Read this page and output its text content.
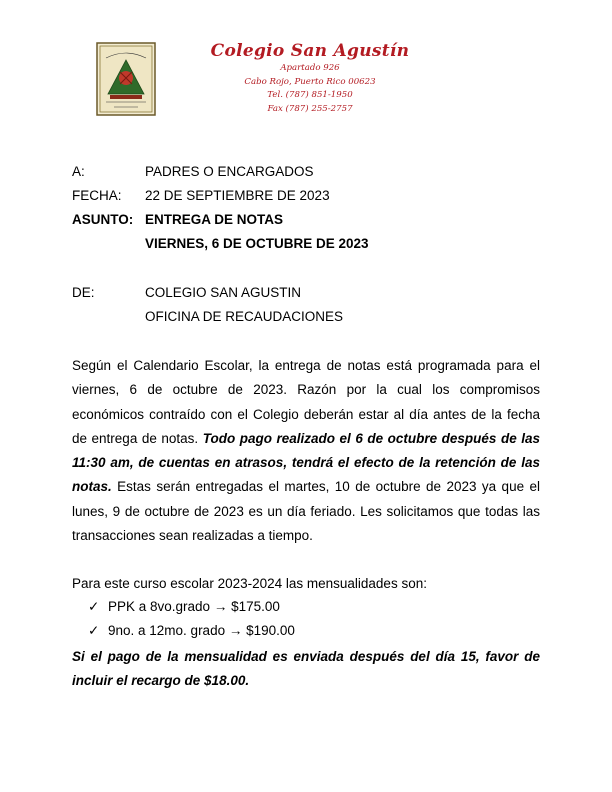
Colegio San Agustín
Apartado 926
Cabo Rojo, Puerto Rico 00623
Tel. (787) 851-1950
Fax (787) 255-2757
A:	PADRES O ENCARGADOS
FECHA: 22 DE SEPTIEMBRE DE 2023
ASUNTO: ENTREGA DE NOTAS
VIERNES, 6 DE OCTUBRE DE 2023
DE:	COLEGIO SAN AGUSTIN
OFICINA DE RECAUDACIONES

Según el Calendario Escolar, la entrega de notas está programada para el viernes, 6 de octubre de 2023. Razón por la cual los compromisos económicos contraído con el Colegio deberán estar al día antes de la fecha de entrega de notas. Todo pago realizado el 6 de octubre después de las 11:30 am, de cuentas en atrasos, tendrá el efecto de la retención de las notas. Estas serán entregadas el martes, 10 de octubre de 2023 ya que el lunes, 9 de octubre de 2023 es un día feriado. Les solicitamos que todas las transacciones sean realizadas a tiempo.

Para este curso escolar 2023-2024 las mensualidades son:
✓ PPK a 8vo.grado → $175.00
✓ 9no. a 12mo. grado → $190.00

Si el pago de la mensualidad es enviada después del día 15, favor de incluir el recargo de $18.00.
